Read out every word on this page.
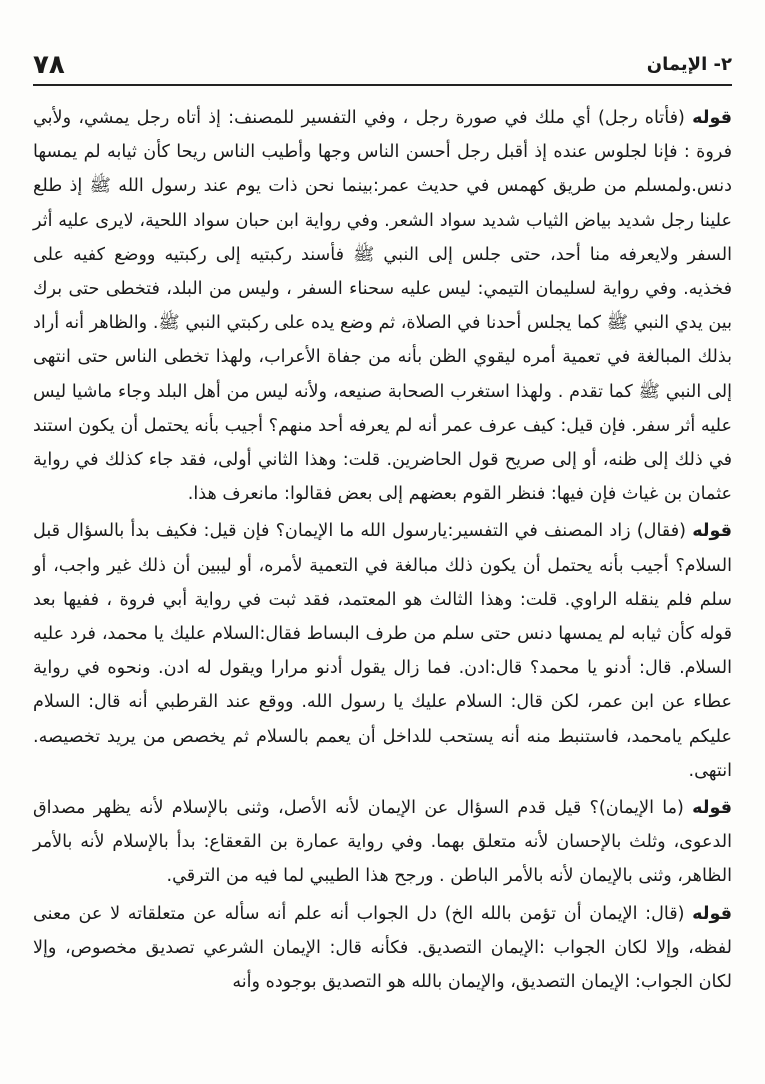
٧٨	٢- الإيمان

قوله (فأتاه رجل) أي ملك في صورة رجل ، وفي التفسير للمصنف: إذ أتاه رجل يمشي، ولأبي فروة : فإنا لجلوس عنده إذ أقبل رجل أحسن الناس وجها وأطيب الناس ريحا كأن ثيابه لم يمسها دنس.ولمسلم من طريق كهمس في حديث عمر:بينما نحن ذات يوم عند رسول الله ﷺ إذ طلع علينا رجل شديد بياض الثياب شديد سواد الشعر. وفي رواية ابن حبان سواد اللحية، لايرى عليه أثر السفر ولايعرفه منا أحد، حتى جلس إلى النبي ﷺ فأسند ركبتيه إلى ركبتيه ووضع كفيه على فخذيه. وفي رواية لسليمان التيمي: ليس عليه سحناء السفر ، وليس من البلد، فتخطى حتى برك بين يدي النبي ﷺ كما يجلس أحدنا في الصلاة، ثم وضع يده على ركبتي النبي ﷺ. والظاهر أنه أراد بذلك المبالغة في تعمية أمره ليقوي الظن بأنه من جفاة الأعراب، ولهذا تخطى الناس حتى انتهى إلى النبي ﷺ كما تقدم . ولهذا استغرب الصحابة صنيعه، ولأنه ليس من أهل البلد وجاء ماشيا ليس عليه أثر سفر. فإن قيل: كيف عرف عمر أنه لم يعرفه أحد منهم؟ أجيب بأنه يحتمل أن يكون استند في ذلك إلى ظنه، أو إلى صريح قول الحاضرين. قلت: وهذا الثاني أولى، فقد جاء كذلك في رواية عثمان بن غياث فإن فيها: فنظر القوم بعضهم إلى بعض فقالوا: مانعرف هذا.

قوله (فقال) زاد المصنف في التفسير:يارسول الله ما الإيمان؟ فإن قيل: فكيف بدأ بالسؤال قبل السلام؟ أجيب بأنه يحتمل أن يكون ذلك مبالغة في التعمية لأمره، أو ليبين أن ذلك غير واجب، أو سلم فلم ينقله الراوي. قلت: وهذا الثالث هو المعتمد، فقد ثبت في رواية أبي فروة ، ففيها بعد قوله كأن ثيابه لم يمسها دنس حتى سلم من طرف البساط فقال:السلام عليك يا محمد، فرد عليه السلام. قال: أدنو يا محمد؟ قال:ادن. فما زال يقول أدنو مرارا ويقول له ادن. ونحوه في رواية عطاء عن ابن عمر، لكن قال: السلام عليك يا رسول الله. ووقع عند القرطبي أنه قال: السلام عليكم يامحمد، فاستنبط منه أنه يستحب للداخل أن يعمم بالسلام ثم يخصص من يريد تخصيصه. انتهى.

قوله (ما الإيمان)؟ قيل قدم السؤال عن الإيمان لأنه الأصل، وثنى بالإسلام لأنه يظهر مصداق الدعوى، وثلث بالإحسان لأنه متعلق بهما. وفي رواية عمارة بن القعقاع: بدأ بالإسلام لأنه بالأمر الظاهر، وثنى بالإيمان لأنه بالأمر الباطن . ورجح هذا الطيبي لما فيه من الترقي.

قوله (قال: الإيمان أن تؤمن بالله الخ) دل الجواب أنه علم أنه سأله عن متعلقاته لا عن معنى لفظه، وإلا لكان الجواب :الإيمان التصديق. فكأنه قال: الإيمان الشرعي تصديق مخصوص، وإلا لكان الجواب: الإيمان التصديق، والإيمان بالله هو التصديق بوجوده وأنه
